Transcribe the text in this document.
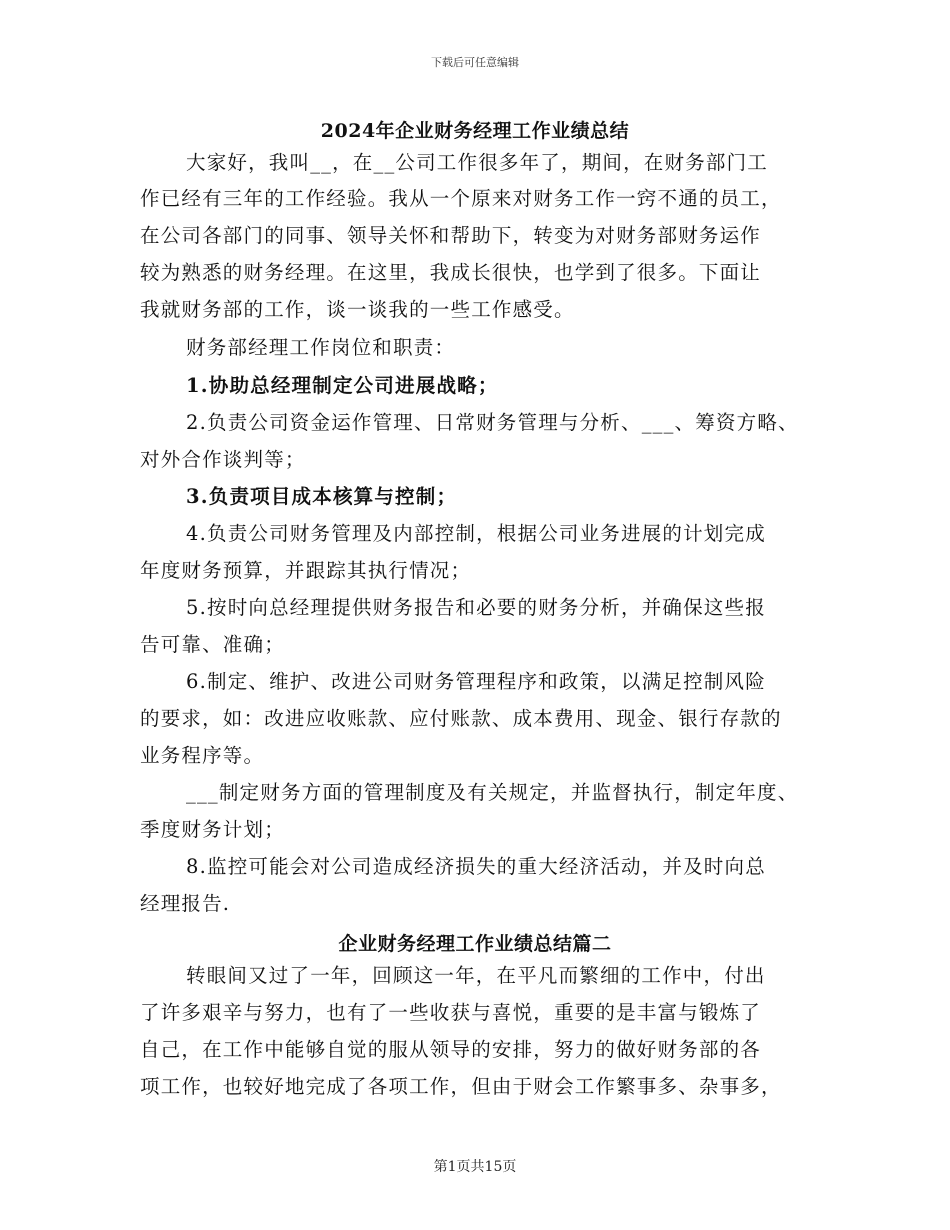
下载后可任意编辑
2024年企业财务经理工作业绩总结
大家好，我叫__，在__公司工作很多年了，期间，在财务部门工
作已经有三年的工作经验。我从一个原来对财务工作一窍不通的员工，
在公司各部门的同事、领导关怀和帮助下，转变为对财务部财务运作
较为熟悉的财务经理。在这里，我成长很快，也学到了很多。下面让
我就财务部的工作，谈一谈我的一些工作感受。
财务部经理工作岗位和职责：
1.协助总经理制定公司进展战略；
2.负责公司资金运作管理、日常财务管理与分析、___、筹资方略、
对外合作谈判等；
3.负责项目成本核算与控制；
4.负责公司财务管理及内部控制，根据公司业务进展的计划完成
年度财务预算，并跟踪其执行情况；
5.按时向总经理提供财务报告和必要的财务分析，并确保这些报
告可靠、准确；
6.制定、维护、改进公司财务管理程序和政策，以满足控制风险
的要求，如：改进应收账款、应付账款、成本费用、现金、银行存款的
业务程序等。
___制定财务方面的管理制度及有关规定，并监督执行，制定年度、
季度财务计划；
8.监控可能会对公司造成经济损失的重大经济活动，并及时向总
经理报告.
企业财务经理工作业绩总结篇二
转眼间又过了一年，回顾这一年，在平凡而繁细的工作中，付出
了许多艰辛与努力，也有了一些收获与喜悦，重要的是丰富与锻炼了
自己，在工作中能够自觉的服从领导的安排，努力的做好财务部的各
项工作，也较好地完成了各项工作，但由于财会工作繁事多、杂事多，
第1页共15页
